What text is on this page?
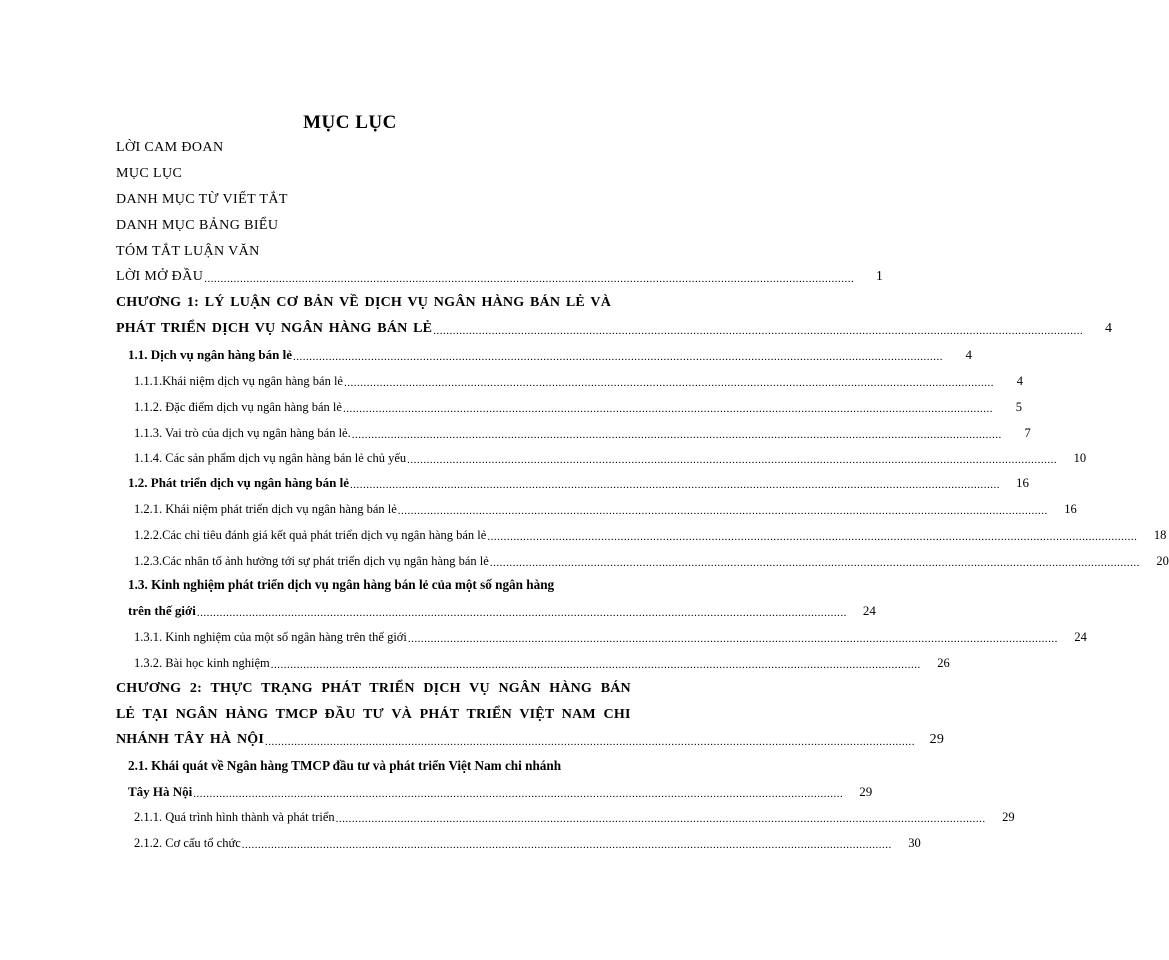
MỤC LỤC
LỜI CAM ĐOAN
MỤC LỤC
DANH MỤC TỪ VIẾT TẮT
DANH MỤC BẢNG BIỂU
TÓM TẮT LUẬN VĂN
LỜI MỞ ĐẦU ........................................................................................................................................................................................................	1
CHƯƠNG 1: LÝ LUẬN CƠ BẢN VỀ DỊCH VỤ NGÂN HÀNG BÁN LẺ VÀ
PHÁT TRIỂN DỊCH VỤ NGÂN HÀNG BÁN LẺ ........................................................................................................................................................................................................	4
1.1. Dịch vụ ngân hàng bán lẻ ........................................................................................................................................................................................................	4
1.1.1.Khái niệm dịch vụ ngân hàng bán lẻ ........................................................................................................................................................................................................	4
1.1.2. Đặc điểm dịch vụ ngân hàng bán lẻ ........................................................................................................................................................................................................	5
1.1.3. Vai trò của dịch vụ ngân hàng bán lẻ. ........................................................................................................................................................................................................	7
1.1.4. Các sản phẩm dịch vụ ngân hàng bán lẻ chủ yếu ........................................................................................................................................................................................................	10
1.2. Phát triển dịch vụ ngân hàng bán lẻ ........................................................................................................................................................................................................	16
1.2.1. Khái niệm phát triển dịch vụ ngân hàng bán lẻ ........................................................................................................................................................................................................	16
1.2.2.Các chỉ tiêu đánh giá kết quả phát triển dịch vụ ngân hàng bán lẻ ........................................................................................................................................................................................................	18
1.2.3.Các nhân tố ảnh hưởng tới sự phát triển dịch vụ ngân hàng bán lẻ ........................................................................................................................................................................................................	20
1.3. Kinh nghiệm phát triển dịch vụ ngân hàng bán lẻ của một số ngân hàng
trên thế giới ........................................................................................................................................................................................................	24
1.3.1. Kinh nghiệm của một số ngân hàng trên thế giới ........................................................................................................................................................................................................	24
1.3.2. Bài học kinh nghiệm ........................................................................................................................................................................................................	26
CHƯƠNG 2: THỰC TRẠNG PHÁT TRIỂN DỊCH VỤ NGÂN HÀNG BÁN
LẺ TẠI NGÂN HÀNG TMCP ĐẦU TƯ VÀ PHÁT TRIỂN VIỆT NAM CHI
NHÁNH TÂY HÀ NỘI ........................................................................................................................................................................................................	29
2.1. Khái quát về Ngân hàng TMCP đầu tư và phát triển Việt Nam chi nhánh
Tây Hà Nội ........................................................................................................................................................................................................	29
2.1.1. Quá trình hình thành và phát triển ........................................................................................................................................................................................................	29
2.1.2. Cơ cấu tổ chức ........................................................................................................................................................................................................	30
